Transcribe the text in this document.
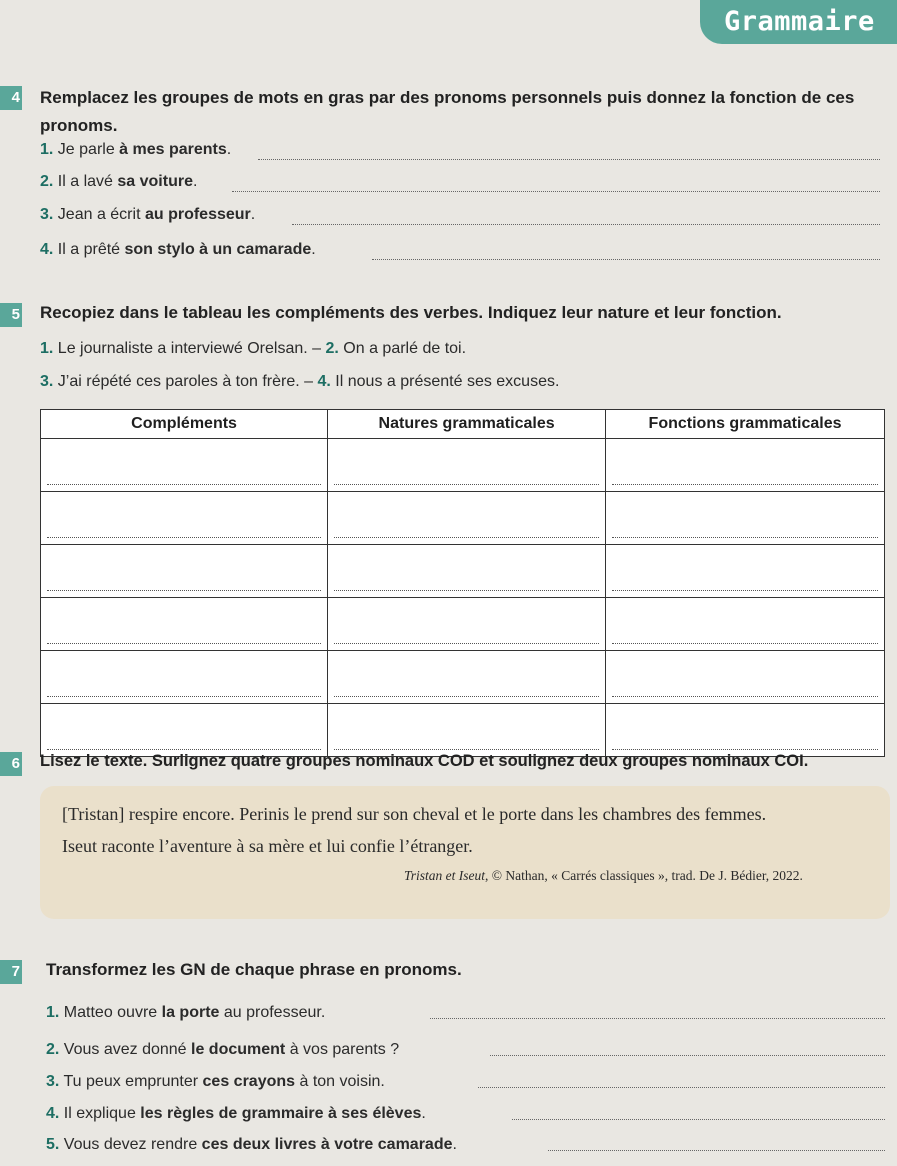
Grammaire
4 Remplacez les groupes de mots en gras par des pronoms personnels puis donnez la fonction de ces pronoms.
1. Je parle à mes parents.
2. Il a lavé sa voiture.
3. Jean a écrit au professeur.
4. Il a prêté son stylo à un camarade.
5 Recopiez dans le tableau les compléments des verbes. Indiquez leur nature et leur fonction.
1. Le journaliste a interviewé Orelsan. – 2. On a parlé de toi.
3. J’ai répété ces paroles à ton frère. – 4. Il nous a présenté ses excuses.
Compléments	Natures grammaticales	Fonctions grammaticales

6 Lisez le texte. Surlignez quatre groupes nominaux COD et soulignez deux groupes nominaux COI.
[Tristan] respire encore. Perinis le prend sur son cheval et le porte dans les chambres des femmes.
Iseut raconte l’aventure à sa mère et lui confie l’étranger.
Tristan et Iseut, © Nathan, « Carrés classiques », trad. De J. Bédier, 2022.
7 Transformez les GN de chaque phrase en pronoms.
1. Matteo ouvre la porte au professeur.
2. Vous avez donné le document à vos parents ?
3. Tu peux emprunter ces crayons à ton voisin.
4. Il explique les règles de grammaire à ses élèves.
5. Vous devez rendre ces deux livres à votre camarade.
